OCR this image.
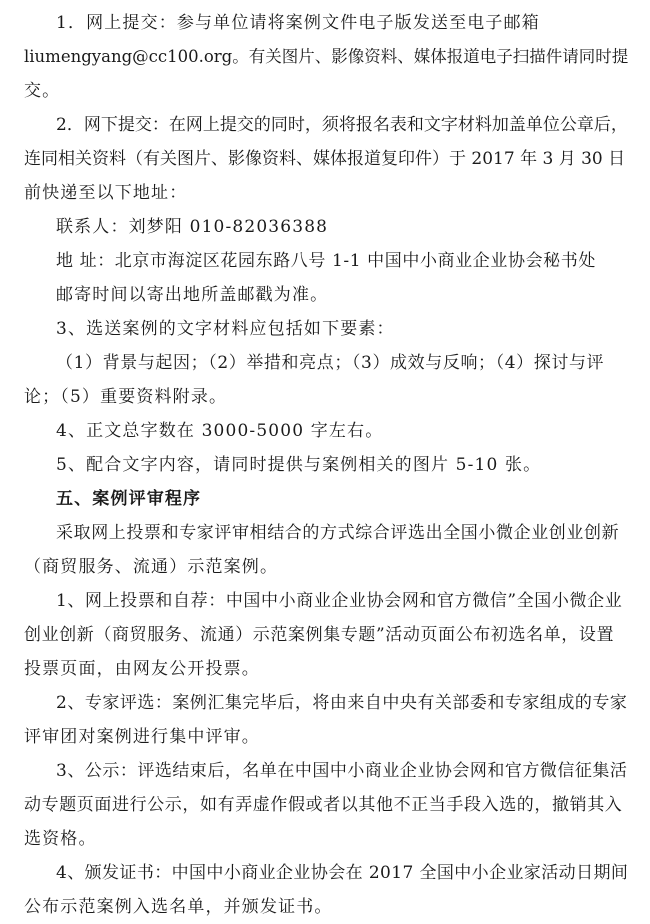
1．网上提交：参与单位请将案例文件电子版发送至电子邮箱
liumengyang@cc100.org。有关图片、影像资料、媒体报道电子扫描件请同时提
交。
2．网下提交：在网上提交的同时，须将报名表和文字材料加盖单位公章后，
连同相关资料（有关图片、影像资料、媒体报道复印件）于 2017 年 3 月 30 日
前快递至以下地址：
联系人：刘梦阳 010-82036388
地 址：北京市海淀区花园东路八号 1-1 中国中小商业企业协会秘书处
邮寄时间以寄出地所盖邮戳为准。
3、选送案例的文字材料应包括如下要素：
（1）背景与起因；（2）举措和亮点；（3）成效与反响；（4）探讨与评
论；（5）重要资料附录。
4、正文总字数在 3000-5000 字左右。
5、配合文字内容，请同时提供与案例相关的图片 5-10 张。
五、案例评审程序
采取网上投票和专家评审相结合的方式综合评选出全国小微企业创业创新
（商贸服务、流通）示范案例。
1、网上投票和自荐：中国中小商业企业协会网和官方微信”全国小微企业
创业创新（商贸服务、流通）示范案例集专题”活动页面公布初选名单，设置
投票页面，由网友公开投票。
2、专家评选：案例汇集完毕后，将由来自中央有关部委和专家组成的专家
评审团对案例进行集中评审。
3、公示：评选结束后，名单在中国中小商业企业协会网和官方微信征集活
动专题页面进行公示，如有弄虚作假或者以其他不正当手段入选的，撤销其入
选资格。
4、颁发证书：中国中小商业企业协会在 2017 全国中小企业家活动日期间
公布示范案例入选名单，并颁发证书。
